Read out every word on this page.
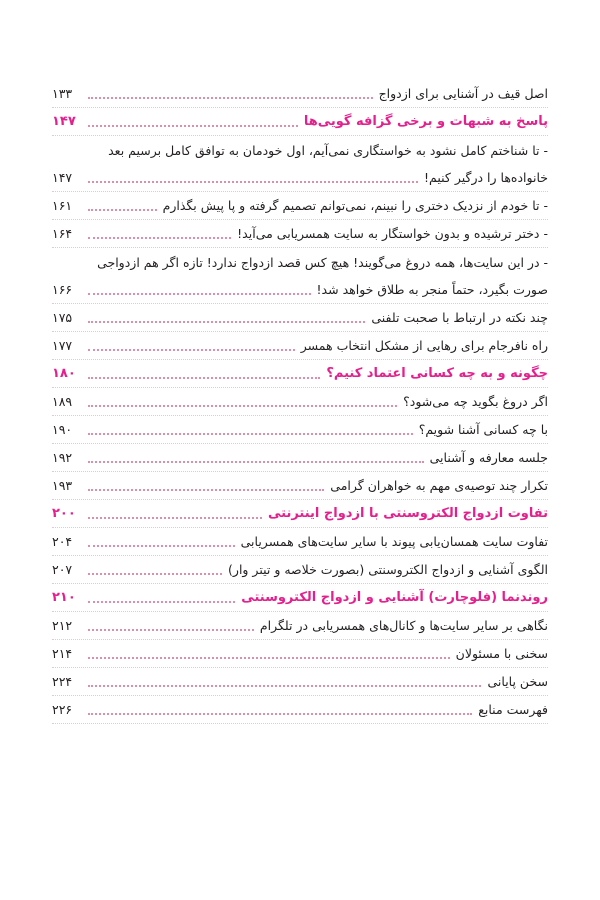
اصل قیف در آشنایی برای ازدواج
۱۳۳
پاسخ به شبهات و برخی گزافه گویی‌ها
۱۴۷
- تا شناختم کامل نشود به خواستگاری نمی‌آیم، اول خودمان به توافق کامل برسیم بعد
خانواده‌ها را درگیر کنیم!
۱۴۷
- تا خودم از نزدیک دختری را نبینم، نمی‌توانم تصمیم گرفته و پا پیش بگذارم
۱۶۱
- دختر ترشیده و بدون خواستگار به سایت همسریابی می‌آید!
۱۶۴
- در این سایت‌ها، همه دروغ می‌گویند! هیچ کس قصد ازدواج ندارد! تازه اگر هم ازدواجی
صورت بگیرد، حتماً منجر به طلاق خواهد شد!
۱۶۶
چند نکته در ارتباط با صحبت تلفنی
۱۷۵
راه نافرجام برای رهایی از مشکل انتخاب همسر
۱۷۷
چگونه و به چه کسانی اعتماد کنیم؟
۱۸۰
اگر دروغ بگوید چه می‌شود؟
۱۸۹
با چه کسانی آشنا شویم؟
۱۹۰
جلسه معارفه و آشنایی
۱۹۲
تکرار چند توصیه‌ی مهم به خواهران گرامی
۱۹۳
تفاوت ازدواج الکتروسنتی با ازدواج اینترنتی
۲۰۰
تفاوت سایت همسان‌یابی پیوند با سایر سایت‌های همسریابی
۲۰۴
الگوی آشنایی و ازدواج الکتروسنتی (بصورت خلاصه و تیتر وار)
۲۰۷
روندنما (فلوچارت) آشنایی و ازدواج الکتروسنتی
۲۱۰
نگاهی بر سایر سایت‌ها و کانال‌های همسریابی در تلگرام
۲۱۲
سخنی با مسئولان
۲۱۴
سخن پایانی
۲۲۴
فهرست منابع
۲۲۶
